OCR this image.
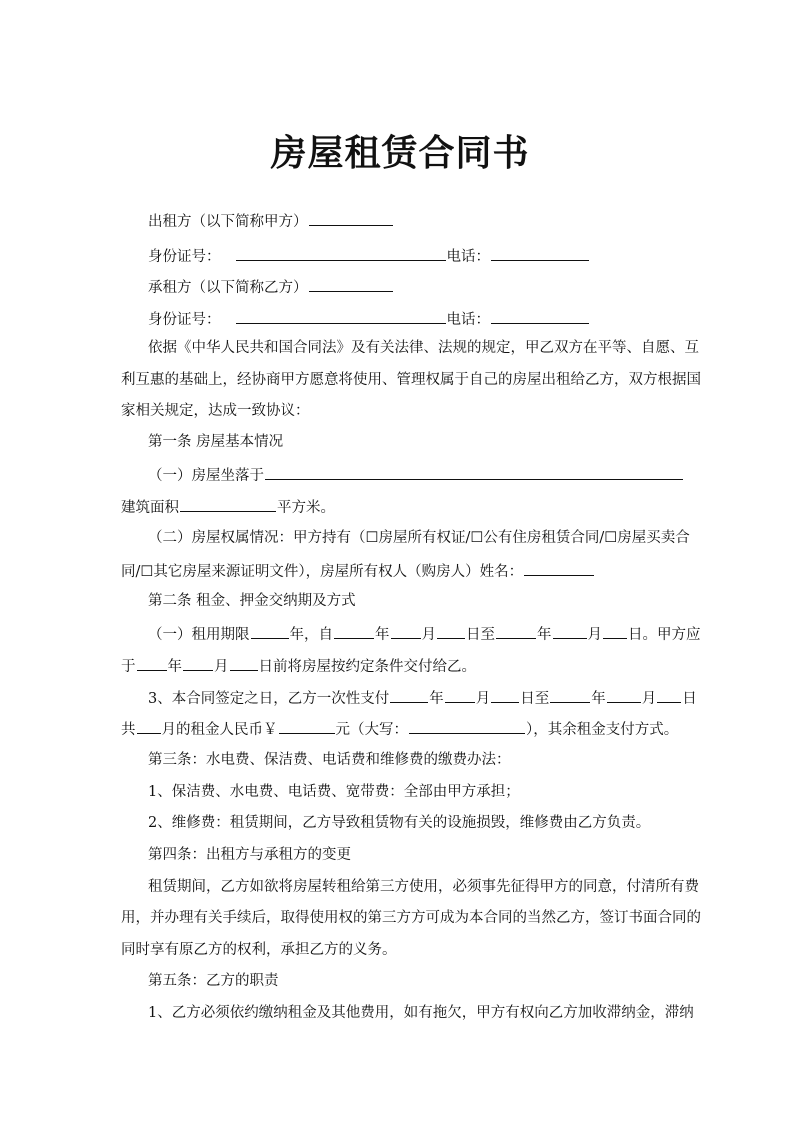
房屋租赁合同书
出租方（以下简称甲方）
身份证号：	电话：
承租方（以下简称乙方）
身份证号：	电话：
依据《中华人民共和国合同法》及有关法律、法规的规定，甲乙双方在平等、自愿、互
利互惠的基础上，经协商甲方愿意将使用、管理权属于自己的房屋出租给乙方，双方根据国
家相关规定，达成一致协议：
第一条 房屋基本情况
（一）房屋坐落于
建筑面积	平方米。
（二）房屋权属情况：甲方持有（☐房屋所有权证/☐公有住房租赁合同/☐房屋买卖合
同/☐其它房屋来源证明文件），房屋所有权人（购房人）姓名：
第二条 租金、押金交纳期及方式
（一）租用期限	年，自	年 月 日至	年 月 日。甲方应
于 年 月 日前将房屋按约定条件交付给乙。
3、本合同签定之日，乙方一次性支付	年 月 日至	年 月 日
共 月的租金人民币￥	元（大写：	），其余租金支付方式。
第三条：水电费、保洁费、电话费和维修费的缴费办法：
1、保洁费、水电费、电话费、宽带费：全部由甲方承担；
2、维修费：租赁期间，乙方导致租赁物有关的设施损毁，维修费由乙方负责。
第四条：出租方与承租方的变更
租赁期间，乙方如欲将房屋转租给第三方使用，必须事先征得甲方的同意，付清所有费
用，并办理有关手续后，取得使用权的第三方方可成为本合同的当然乙方，签订书面合同的
同时享有原乙方的权利，承担乙方的义务。
第五条：乙方的职责
1、乙方必须依约缴纳租金及其他费用，如有拖欠，甲方有权向乙方加收滞纳金，滞纳
